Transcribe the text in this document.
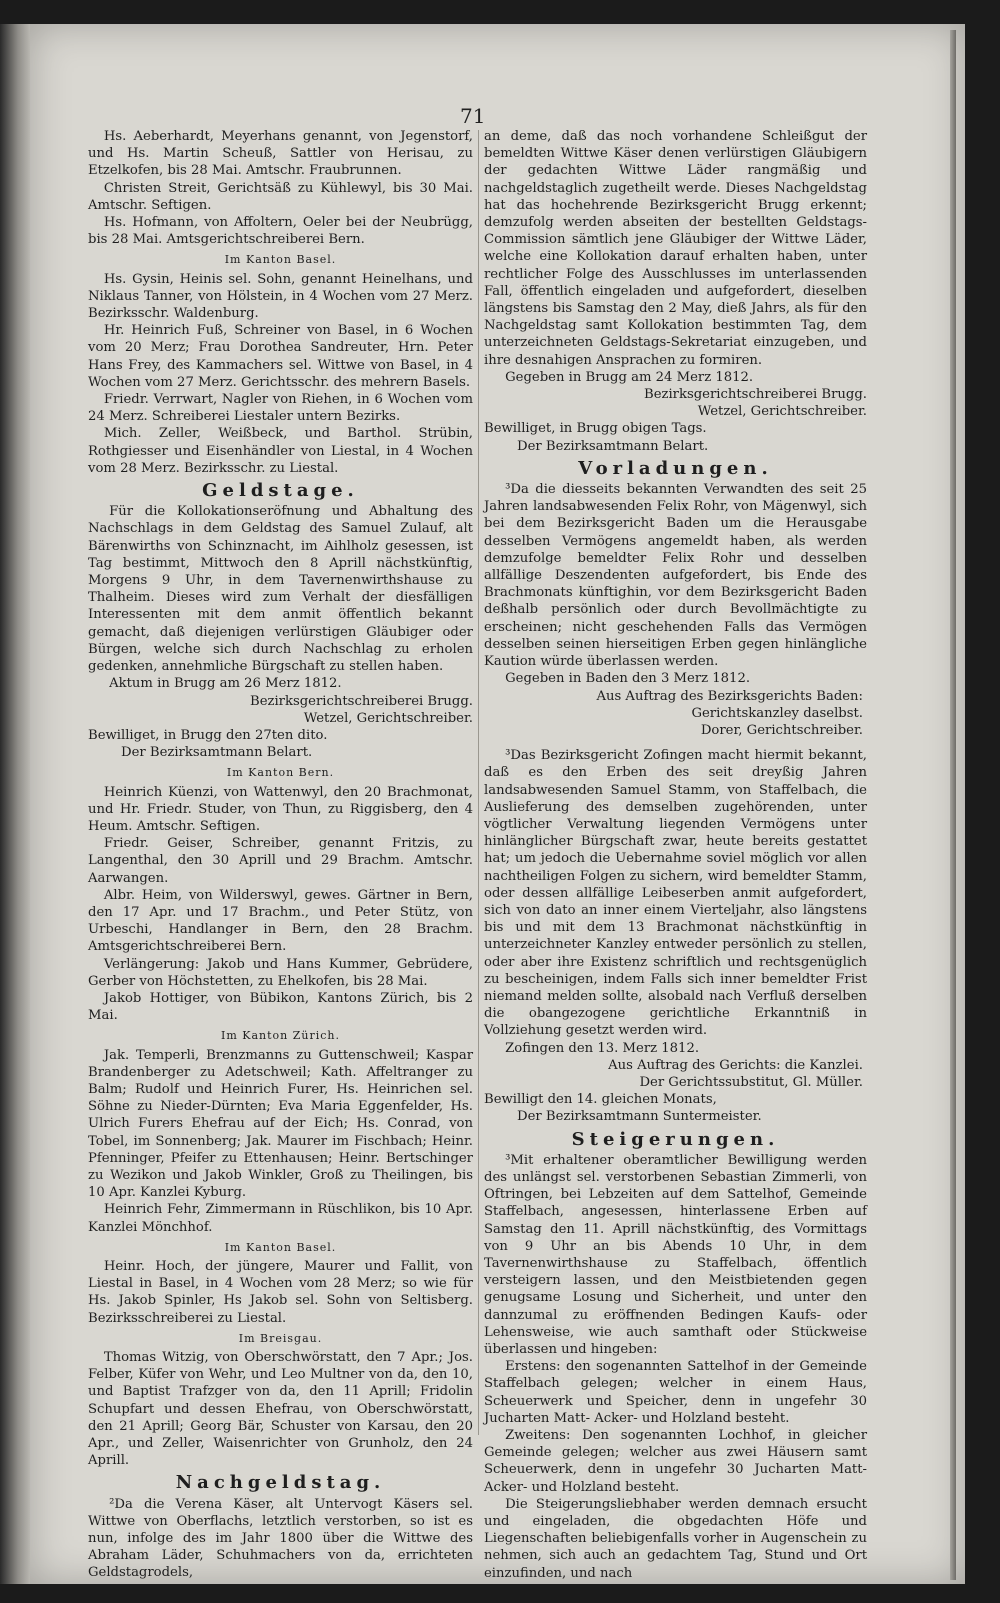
71

Hs. Aeberhardt, Meyerhans genannt, von Jegenstorf, und Hs. Martin Scheuß, Sattler von Herisau, zu Etzelkofen, bis 28 Mai. Amtschr. Fraubrunnen.

Christen Streit, Gerichtsäß zu Kühlewyl, bis 30 Mai. Amtschr. Seftigen.

Hs. Hofmann, von Affoltern, Oeler bei der Neubrügg, bis 28 Mai. Amtsgerichtschreiberei Bern.

Im Kanton Basel.

Hs. Gysin, Heinis sel. Sohn, genannt Heinelhans, und Niklaus Tanner, von Hölstein, in 4 Wochen vom 27 Merz. Bezirksschr. Waldenburg.

Hr. Heinrich Fuß, Schreiner von Basel, in 6 Wochen vom 20 Merz; Frau Dorothea Sandreuter, Hrn. Peter Hans Frey, des Kammachers sel. Wittwe von Basel, in 4 Wochen vom 27 Merz. Gerichtsschr. des mehrern Basels.

Friedr. Verrwart, Nagler von Riehen, in 6 Wochen vom 24 Merz. Schreiberei Liestaler untern Bezirks.

Mich. Zeller, Weißbeck, und Barthol. Strübin, Rothgiesser und Eisenhändler von Liestal, in 4 Wochen vom 28 Merz. Bezirksschr. zu Liestal.

Geldstage.

Für die Kollokationseröfnung und Abhaltung des Nachschlags in dem Geldstag des Samuel Zulauf, alt Bärenwirths von Schinznacht, im Aihlholz gesessen, ist Tag bestimmt, Mittwoch den 8 Aprill nächstkünftig, Morgens 9 Uhr, in dem Tavernenwirthshause zu Thalheim. Dieses wird zum Verhalt der diesfälligen Interessenten mit dem anmit öffentlich bekannt gemacht, daß diejenigen verlürstigen Gläubiger oder Bürgen, welche sich durch Nachschlag zu erholen gedenken, annehmliche Bürgschaft zu stellen haben.

Aktum in Brugg am 26 Merz 1812.

Bezirksgerichtschreiberei Brugg.

Wetzel, Gerichtschreiber.

Bewilliget, in Brugg den 27ten dito.

Der Bezirksamtmann Belart.

Im Kanton Bern.

Heinrich Küenzi, von Wattenwyl, den 20 Brachmonat, und Hr. Friedr. Studer, von Thun, zu Riggisberg, den 4 Heum. Amtschr. Seftigen.

Friedr. Geiser, Schreiber, genannt Fritzis, zu Langenthal, den 30 Aprill und 29 Brachm. Amtschr. Aarwangen.

Albr. Heim, von Wilderswyl, gewes. Gärtner in Bern, den 17 Apr. und 17 Brachm., und Peter Stütz, von Urbeschi, Handlanger in Bern, den 28 Brachm. Amtsgerichtschreiberei Bern.

Verlängerung: Jakob und Hans Kummer, Gebrüdere, Gerber von Höchstetten, zu Ehelkofen, bis 28 Mai.

Jakob Hottiger, von Bübikon, Kantons Zürich, bis 2 Mai.

Im Kanton Zürich.

Jak. Temperli, Brenzmanns zu Guttenschweil; Kaspar Brandenberger zu Adetschweil; Kath. Affeltranger zu Balm; Rudolf und Heinrich Furer, Hs. Heinrichen sel. Söhne zu Nieder-Dürnten; Eva Maria Eggenfelder, Hs. Ulrich Furers Ehefrau auf der Eich; Hs. Conrad, von Tobel, im Sonnenberg; Jak. Maurer im Fischbach; Heinr. Pfenninger, Pfeifer zu Ettenhausen; Heinr. Bertschinger zu Wezikon und Jakob Winkler, Groß zu Theilingen, bis 10 Apr. Kanzlei Kyburg.

Heinrich Fehr, Zimmermann in Rüschlikon, bis 10 Apr. Kanzlei Mönchhof.

Im Kanton Basel.

Heinr. Hoch, der jüngere, Maurer und Fallit, von Liestal in Basel, in 4 Wochen vom 28 Merz; so wie für Hs. Jakob Spinler, Hs Jakob sel. Sohn von Seltisberg. Bezirksschreiberei zu Liestal.

Im Breisgau.

Thomas Witzig, von Oberschwörstatt, den 7 Apr.; Jos. Felber, Küfer von Wehr, und Leo Multner von da, den 10, und Baptist Trafzger von da, den 11 Aprill; Fridolin Schupfart und dessen Ehefrau, von Oberschwörstatt, den 21 Aprill; Georg Bär, Schuster von Karsau, den 20 Apr., und Zeller, Waisenrichter von Grunholz, den 24 Aprill.

Nachgeldstag.

²Da die Verena Käser, alt Untervogt Käsers sel. Wittwe von Oberflachs, letztlich verstorben, so ist es nun, infolge des im Jahr 1800 über die Wittwe des Abraham Läder, Schuhmachers von da, errichteten Geldstagrodels,

an deme, daß das noch vorhandene Schleißgut der bemeldten Wittwe Käser denen verlürstigen Gläubigern der gedachten Wittwe Läder rangmäßig und nachgeldstaglich zugetheilt werde. Dieses Nachgeldstag hat das hochehrende Bezirksgericht Brugg erkennt; demzufolg werden abseiten der bestellten Geldstags-Commission sämtlich jene Gläubiger der Wittwe Läder, welche eine Kollokation darauf erhalten haben, unter rechtlicher Folge des Ausschlusses im unterlassenden Fall, öffentlich eingeladen und aufgefordert, dieselben längstens bis Samstag den 2 May, dieß Jahrs, als für den Nachgeldstag samt Kollokation bestimmten Tag, dem unterzeichneten Geldstags-Sekretariat einzugeben, und ihre desnahigen Ansprachen zu formiren.

Gegeben in Brugg am 24 Merz 1812.

Bezirksgerichtschreiberei Brugg.

Wetzel, Gerichtschreiber.

Bewilliget, in Brugg obigen Tags.

Der Bezirksamtmann Belart.

Vorladungen.

³Da die diesseits bekannten Verwandten des seit 25 Jahren landsabwesenden Felix Rohr, von Mägenwyl, sich bei dem Bezirksgericht Baden um die Herausgabe desselben Vermögens angemeldt haben, als werden demzufolge bemeldter Felix Rohr und desselben allfällige Deszendenten aufgefordert, bis Ende des Brachmonats künftighin, vor dem Bezirksgericht Baden deßhalb persönlich oder durch Bevollmächtigte zu erscheinen; nicht geschehenden Falls das Vermögen desselben seinen hierseitigen Erben gegen hinlängliche Kaution würde überlassen werden.

Gegeben in Baden den 3 Merz 1812.

Aus Auftrag des Bezirksgerichts Baden:

Gerichtskanzley daselbst.

Dorer, Gerichtschreiber.

³Das Bezirksgericht Zofingen macht hiermit bekannt, daß es den Erben des seit dreyßig Jahren landsabwesenden Samuel Stamm, von Staffelbach, die Auslieferung des demselben zugehörenden, unter vögtlicher Verwaltung liegenden Vermögens unter hinlänglicher Bürgschaft zwar, heute bereits gestattet hat; um jedoch die Uebernahme soviel möglich vor allen nachtheiligen Folgen zu sichern, wird bemeldter Stamm, oder dessen allfällige Leibeserben anmit aufgefordert, sich von dato an inner einem Vierteljahr, also längstens bis und mit dem 13 Brachmonat nächstkünftig in unterzeichneter Kanzley entweder persönlich zu stellen, oder aber ihre Existenz schriftlich und rechtsgenüglich zu bescheinigen, indem Falls sich inner bemeldter Frist niemand melden sollte, alsobald nach Verfluß derselben die obangezogene gerichtliche Erkanntniß in Vollziehung gesetzt werden wird.

Zofingen den 13. Merz 1812.

Aus Auftrag des Gerichts: die Kanzlei.

Der Gerichtssubstitut, Gl. Müller.

Bewilligt den 14. gleichen Monats,

Der Bezirksamtmann Suntermeister.

Steigerungen.

³Mit erhaltener oberamtlicher Bewilligung werden des unlängst sel. verstorbenen Sebastian Zimmerli, von Oftringen, bei Lebzeiten auf dem Sattelhof, Gemeinde Staffelbach, angesessen, hinterlassene Erben auf Samstag den 11. Aprill nächstkünftig, des Vormittags von 9 Uhr an bis Abends 10 Uhr, in dem Tavernenwirthshause zu Staffelbach, öffentlich versteigern lassen, und den Meistbietenden gegen genugsame Losung und Sicherheit, und unter den dannzumal zu eröffnenden Bedingen Kaufs- oder Lehensweise, wie auch samthaft oder Stückweise überlassen und hingeben:

Erstens: den sogenannten Sattelhof in der Gemeinde Staffelbach gelegen; welcher in einem Haus, Scheuerwerk und Speicher, denn in ungefehr 30 Jucharten Matt- Acker- und Holzland besteht.

Zweitens: Den sogenannten Lochhof, in gleicher Gemeinde gelegen; welcher aus zwei Häusern samt Scheuerwerk, denn in ungefehr 30 Jucharten Matt- Acker- und Holzland besteht.

Die Steigerungsliebhaber werden demnach ersucht und eingeladen, die obgedachten Höfe und Liegenschaften beliebigenfalls vorher in Augenschein zu nehmen, sich auch an gedachtem Tag, Stund und Ort einzufinden, und nach
